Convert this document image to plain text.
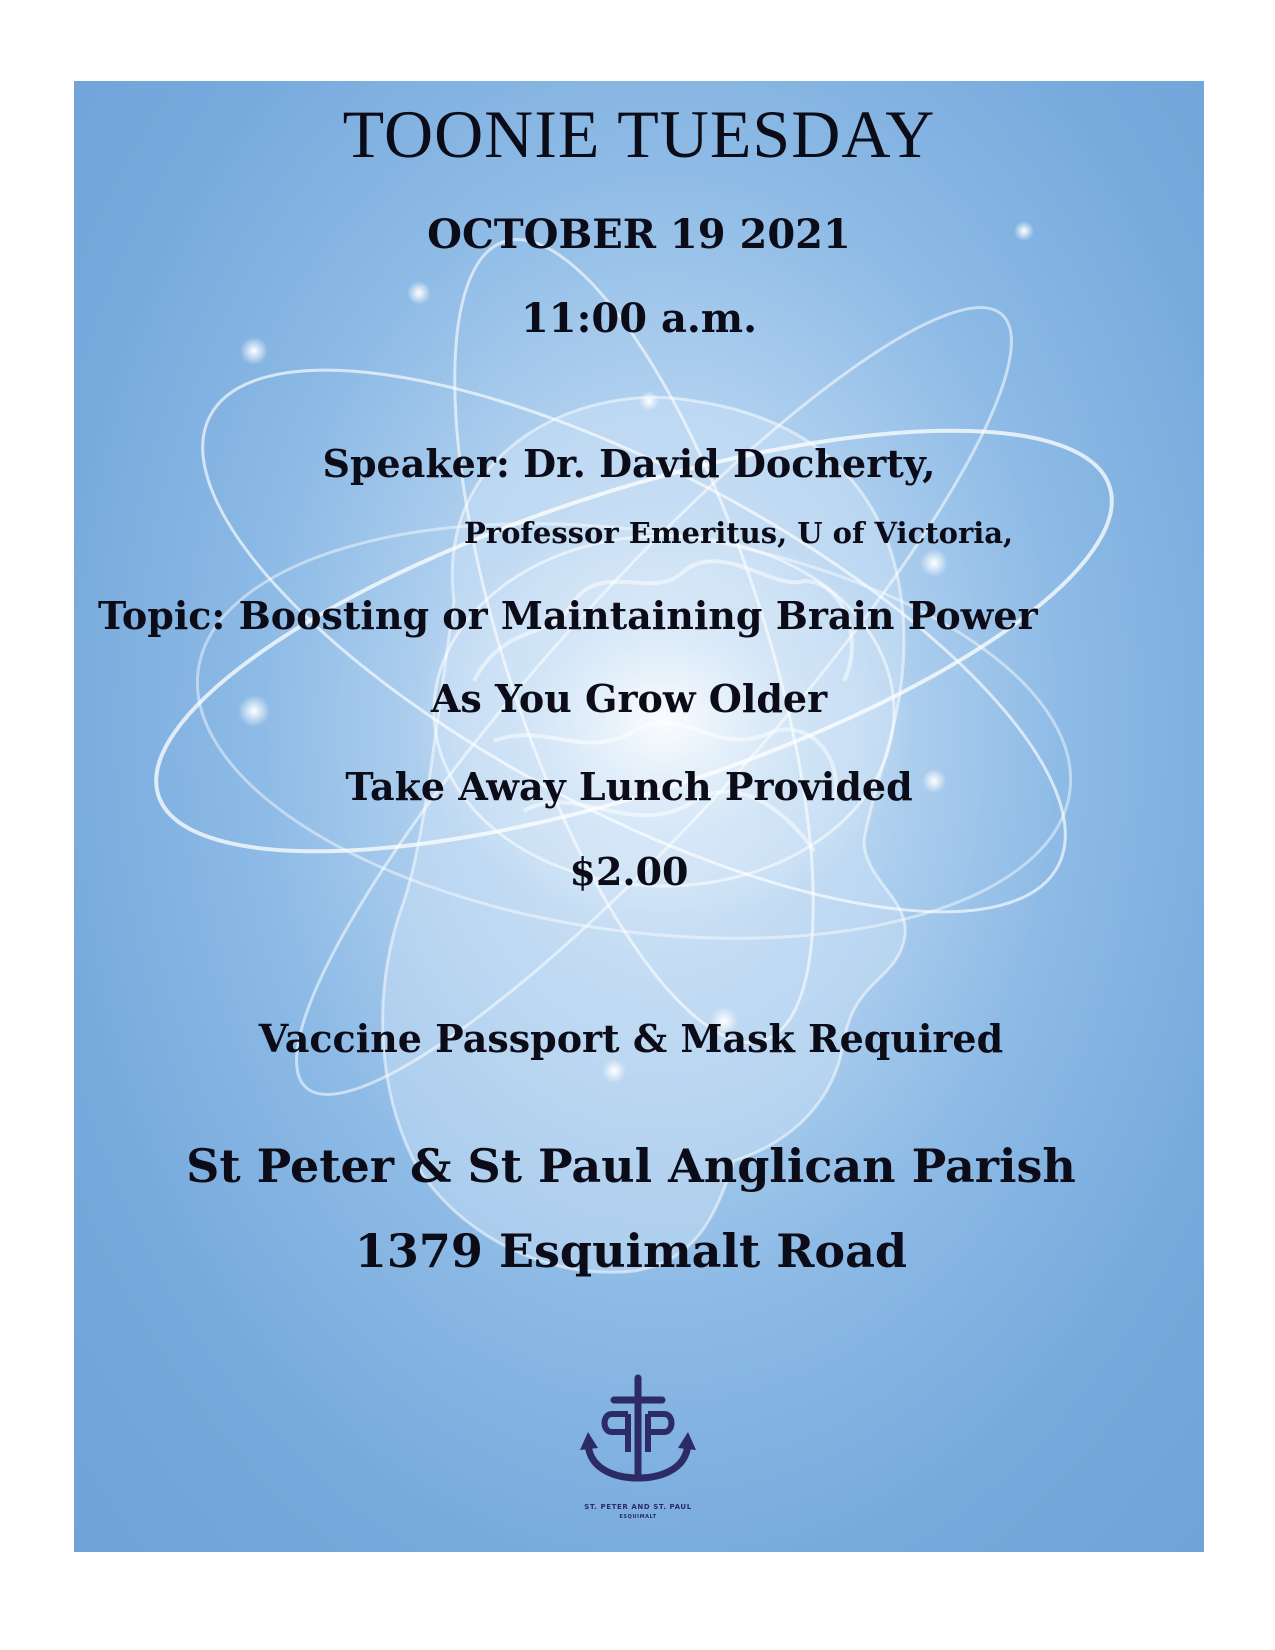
TOONIE TUESDAY
OCTOBER 19 2021
11:00 a.m.
Speaker: Dr. David Docherty,
Professor Emeritus, U of Victoria,
Topic: Boosting or Maintaining Brain Power
As You Grow Older
Take Away Lunch Provided
$2.00
Vaccine Passport & Mask Required
St Peter & St Paul Anglican Parish
1379 Esquimalt Road
ST. PETER AND ST. PAUL
ESQUIMALT
